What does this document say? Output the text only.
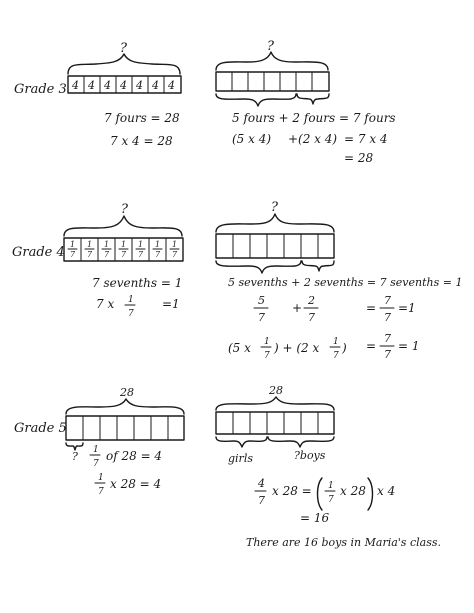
Grade 3
?
4 4 4 4 4 4 4
7 fours = 28
7 x 4 = 28
?
5 fours + 2 fours = 7 fours
(5 x 4) +(2 x 4) = 7 x 4
= 28
Grade 4
?
1
7
1
7
1
7
1
7
1
7
1
7
1
7
7 sevenths = 1
7 x 1
7
=1
?
5 sevenths + 2 sevenths = 7 sevenths = 1
5
7
+
2
7
=
7
7
=1
(5 x 1
7
) + (2 x 1
7
) =
7
7
= 1
Grade 5
28
? 1
7
of 28 = 4
1
7
x 28 = 4
28
girls	?boys
4
7
x 28 = 1
7
x 28 x 4
= 16
There are 16 boys in Maria's class.
